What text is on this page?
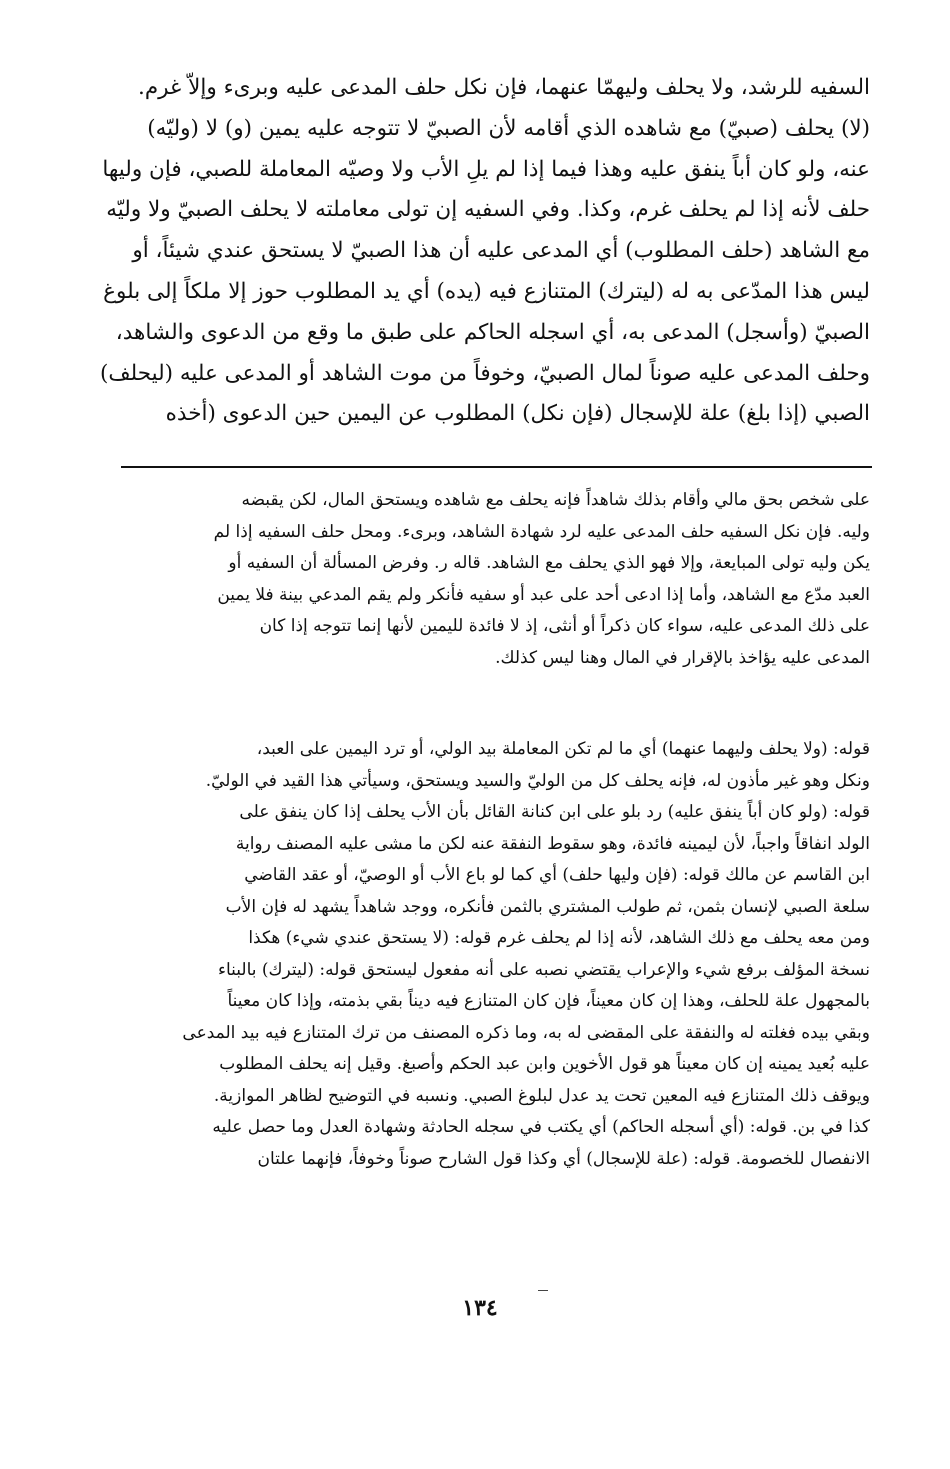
السفيه للرشد، ولا يحلف وليهمّا عنهما، فإن نكل حلف المدعى عليه وبرىء وإلاّ غرم.
(لا) يحلف (صبيّ) مع شاهده الذي أقامه لأن الصبيّ لا تتوجه عليه يمين (و) لا (وليّه)
عنه، ولو كان أباً ينفق عليه وهذا فيما إذا لم يلِ الأب ولا وصيّه المعاملة للصبي، فإن وليها
حلف لأنه إذا لم يحلف غرم، وكذا. وفي السفيه إن تولى معاملته لا يحلف الصبيّ ولا وليّه
مع الشاهد (حلف المطلوب) أي المدعى عليه أن هذا الصبيّ لا يستحق عندي شيئاً، أو
ليس هذا المدّعى به له (ليترك) المتنازع فيه (يده) أي يد المطلوب حوز إلا ملكاً إلى بلوغ
الصبيّ (وأسجل) المدعى به، أي اسجله الحاكم على طبق ما وقع من الدعوى والشاهد،
وحلف المدعى عليه صوناً لمال الصبيّ، وخوفاً من موت الشاهد أو المدعى عليه (ليحلف)
الصبي (إذا بلغ) علة للإسجال (فإن نكل) المطلوب عن اليمين حين الدعوى (أخذه
على شخص بحق مالي وأقام بذلك شاهداً فإنه يحلف مع شاهده ويستحق المال، لكن يقبضه
وليه. فإن نكل السفيه حلف المدعى عليه لرد شهادة الشاهد، وبرىء. ومحل حلف السفيه إذا لم
يكن وليه تولى المبايعة، وإلا فهو الذي يحلف مع الشاهد. قاله ر. وفرض المسألة أن السفيه أو
العبد مدّع مع الشاهد، وأما إذا ادعى أحد على عبد أو سفيه فأنكر ولم يقم المدعي بينة فلا يمين
على ذلك المدعى عليه، سواء كان ذكراً أو أنثى، إذ لا فائدة لليمين لأنها إنما تتوجه إذا كان
المدعى عليه يؤاخذ بالإقرار في المال وهنا ليس كذلك.
قوله: (ولا يحلف وليهما عنهما) أي ما لم تكن المعاملة بيد الولي، أو ترد اليمين على العبد،
ونكل وهو غير مأذون له، فإنه يحلف كل من الوليّ والسيد ويستحق، وسيأتي هذا القيد في الوليّ.
قوله: (ولو كان أباً ينفق عليه) رد بلو على ابن كنانة القائل بأن الأب يحلف إذا كان ينفق على
الولد انفاقاً واجباً، لأن ليمينه فائدة، وهو سقوط النفقة عنه لكن ما مشى عليه المصنف رواية
ابن القاسم عن مالك قوله: (فإن وليها حلف) أي كما لو باع الأب أو الوصيّ، أو عقد القاضي
سلعة الصبي لإنسان بثمن، ثم طولب المشتري بالثمن فأنكره، ووجد شاهداً يشهد له فإن الأب
ومن معه يحلف مع ذلك الشاهد، لأنه إذا لم يحلف غرم قوله: (لا يستحق عندي شيء) هكذا
نسخة المؤلف برفع شيء والإعراب يقتضي نصبه على أنه مفعول ليستحق قوله: (ليترك) بالبناء
بالمجهول علة للحلف، وهذا إن كان معيناً، فإن كان المتنازع فيه ديناً بقي بذمته، وإذا كان معيناً
وبقي بيده فغلته له والنفقة على المقضى له به، وما ذكره المصنف من ترك المتنازع فيه بيد المدعى
عليه بُعيد يمينه إن كان معيناً هو قول الأخوين وابن عبد الحكم وأصبغ. وقيل إنه يحلف المطلوب
ويوقف ذلك المتنازع فيه المعين تحت يد عدل لبلوغ الصبي. ونسبه في التوضيح لظاهر الموازية.
كذا في بن. قوله: (أي أسجله الحاكم) أي يكتب في سجله الحادثة وشهادة العدل وما حصل عليه
الانفصال للخصومة. قوله: (علة للإسجال) أي وكذا قول الشارح صوناً وخوفاً، فإنهما علتان
١٣٤
